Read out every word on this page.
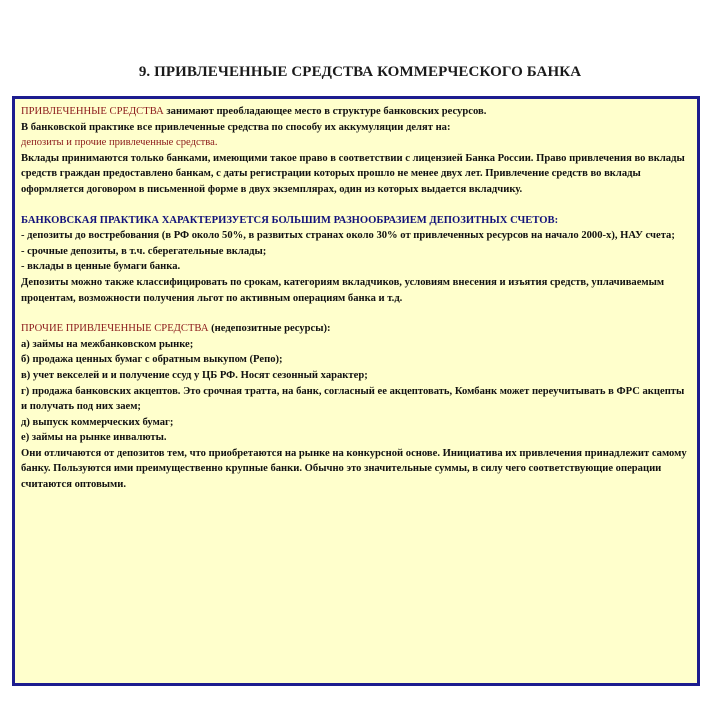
9. ПРИВЛЕЧЕННЫЕ СРЕДСТВА КОММЕРЧЕСКОГО БАНКА

ПРИВЛЕЧЕННЫЕ СРЕДСТВА занимают преобладающее место в структуре банковских ресурсов.

В банковской практике все привлеченные средства по способу их аккумуляции делят на:

депозиты и прочие привлеченные средства.

Вклады принимаются только банками, имеющими такое право в соответствии с лицензией Банка России. Право привлечения во вклады средств граждан предоставлено банкам, с даты регистрации которых прошло не менее двух лет. Привлечение средств во вклады оформляется договором в письменной форме в двух экземплярах, один из которых выдается вкладчику.

БАНКОВСКАЯ ПРАКТИКА ХАРАКТЕРИЗУЕТСЯ БОЛЬШИМ РАЗНООБРАЗИЕМ ДЕПОЗИТНЫХ СЧЕТОВ:

- депозиты до востребования (в РФ около 50%, в развитых странах около 30% от привлеченных ресурсов на начало 2000-х), НАУ счета;

- срочные депозиты, в т.ч. сберегательные вклады;

- вклады в ценные бумаги банка.

Депозиты можно также классифицировать по срокам, категориям вкладчиков, условиям внесения и изъятия средств, уплачиваемым процентам, возможности получения льгот по активным операциям банка и т.д.

ПРОЧИЕ ПРИВЛЕЧЕННЫЕ СРЕДСТВА (недепозитные ресурсы):

а) займы на межбанковском рынке;

б) продажа ценных бумаг с обратным выкупом (Репо);

в) учет векселей и и получение ссуд у ЦБ РФ. Носят сезонный характер;

г) продажа банковских акцептов. Это срочная тратта, на банк, согласный ее акцептовать, Комбанк может переучитывать в ФРС акцепты и получать под них заем;

д) выпуск коммерческих бумаг;

е) займы на рынке инвалюты.

Они отличаются от депозитов тем, что приобретаются на рынке на конкурсной основе. Инициатива их привлечения принадлежит самому банку. Пользуются ими преимущественно крупные банки. Обычно это значительные суммы, в силу чего соответствующие операции считаются оптовыми.
